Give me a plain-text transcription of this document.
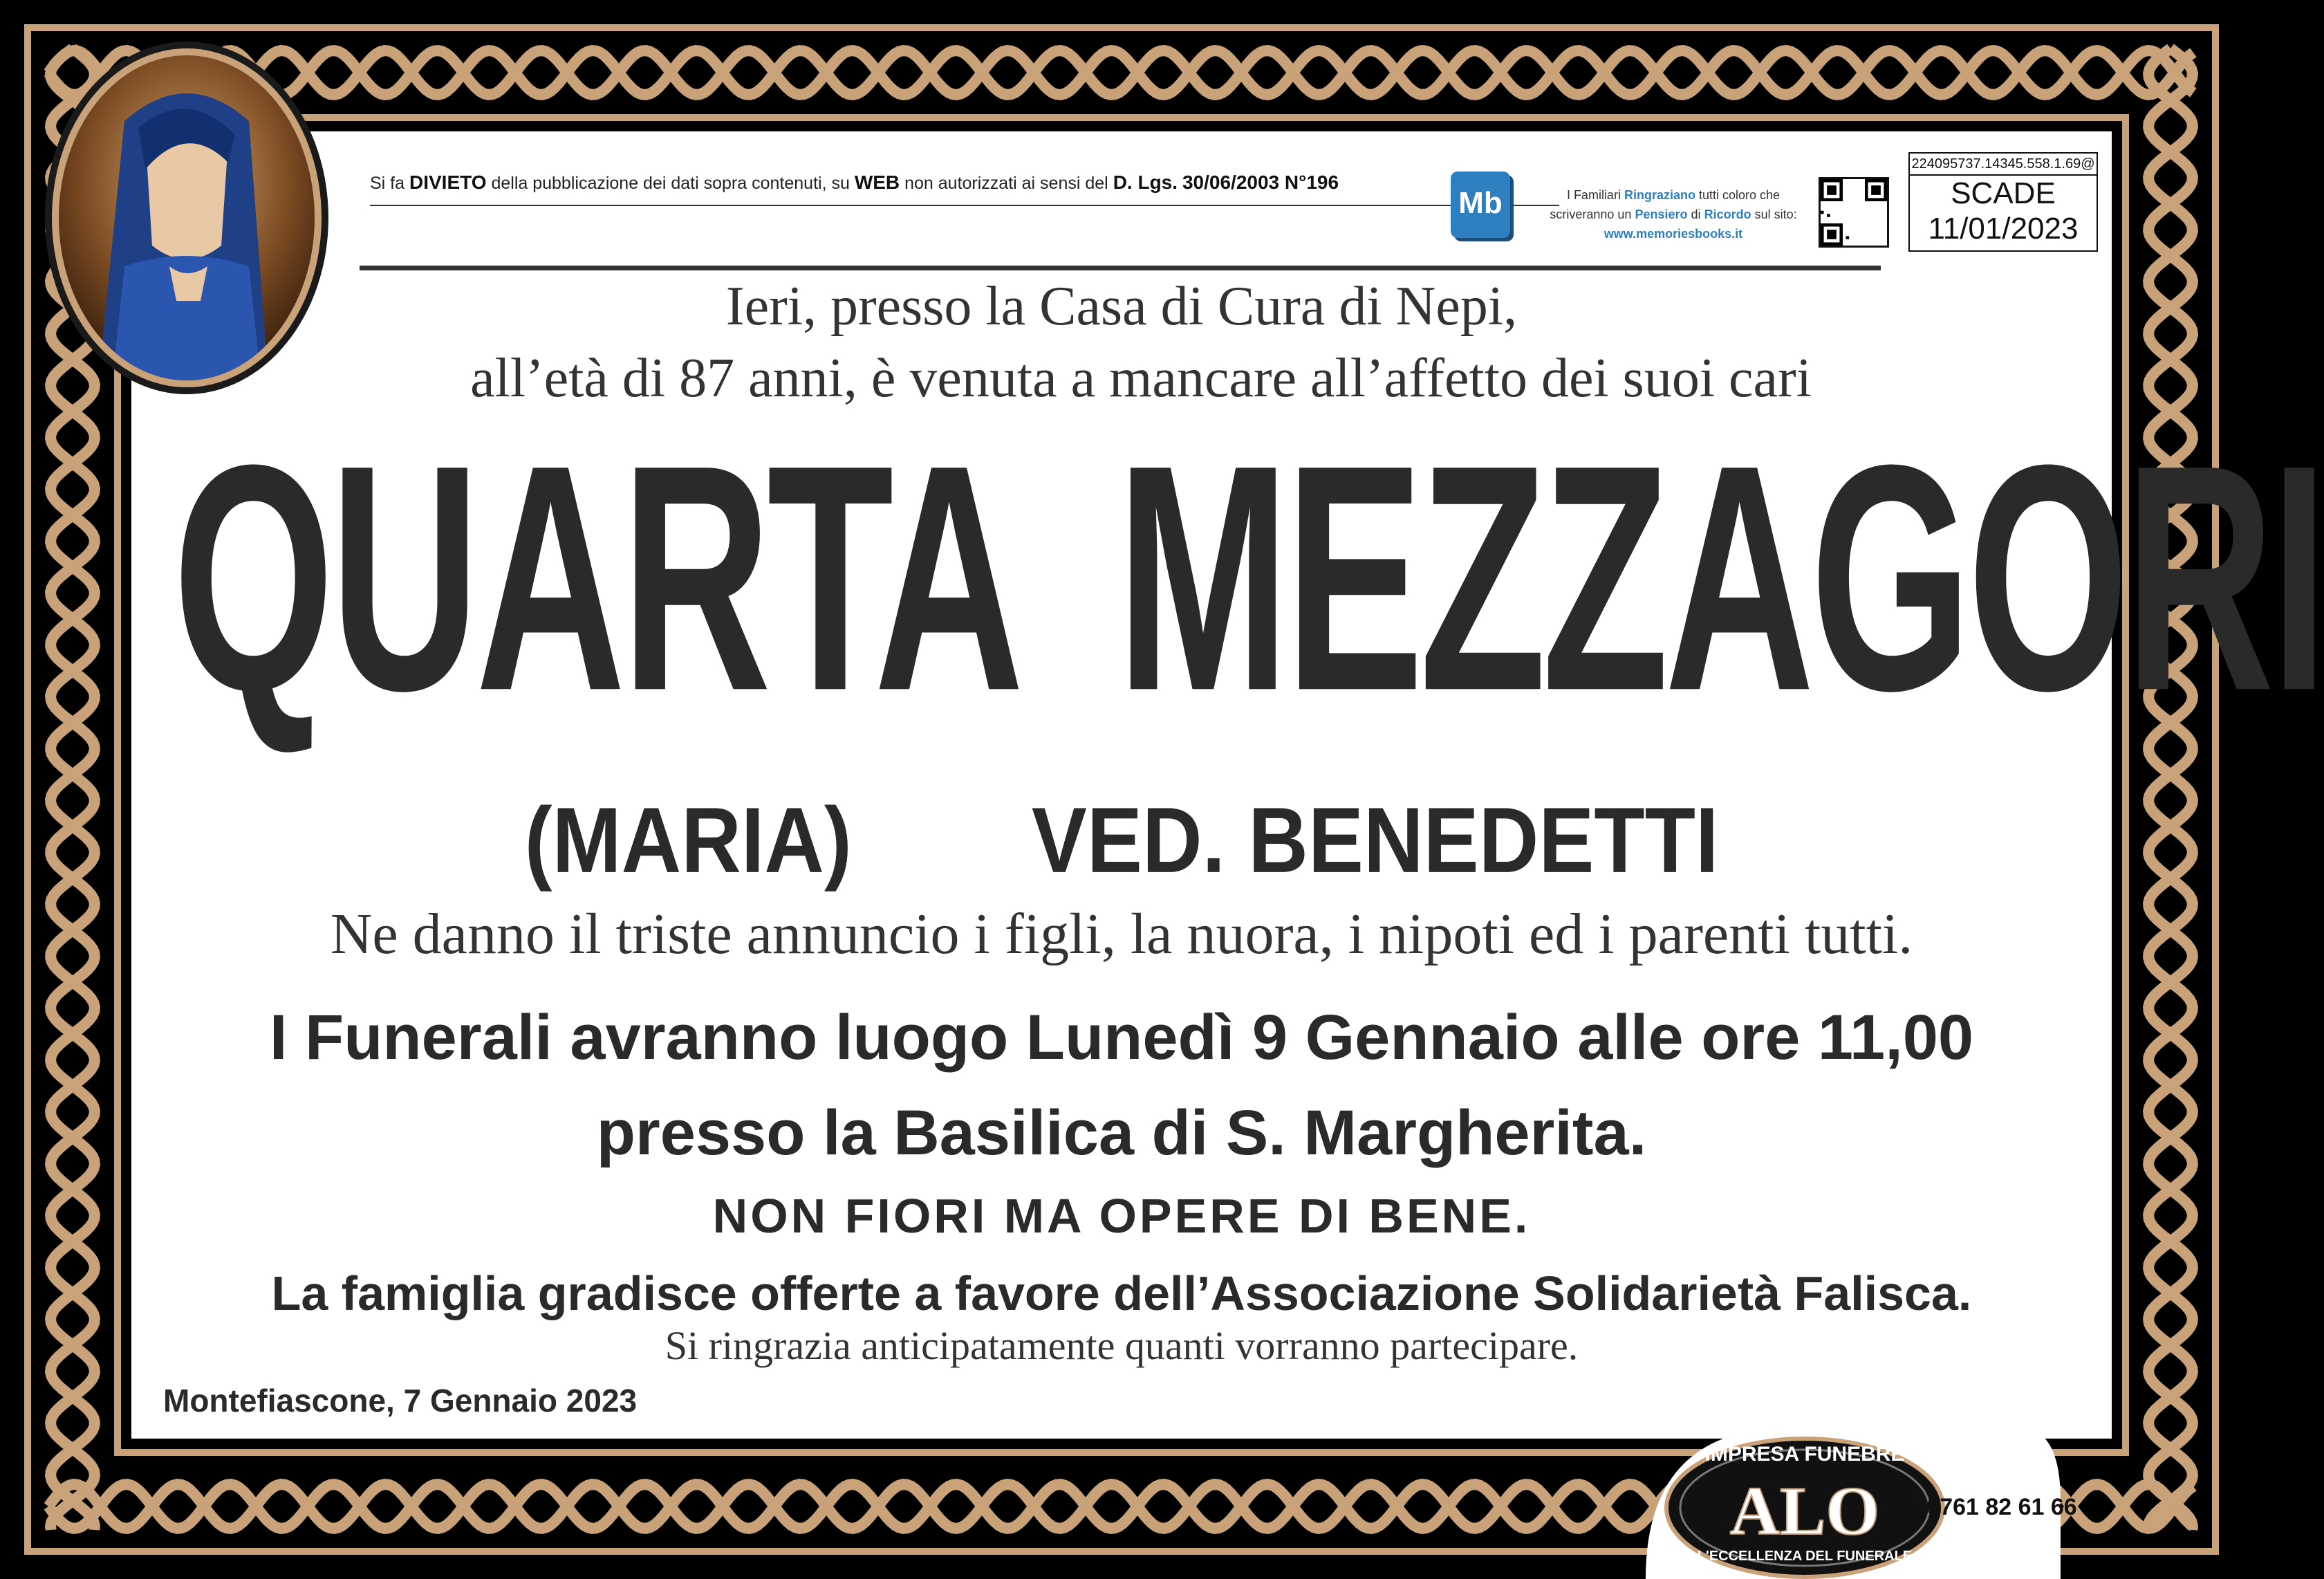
Si fa DIVIETO della pubblicazione dei dati sopra contenuti, su WEB non autorizzati ai sensi del D. Lgs. 30/06/2003 N°196
Mb	I Familiari Ringraziano tutti coloro che
scriveranno un Pensiero di Ricordo sul sito:
www.memoriesbooks.it
224095737.14345.558.1.69@
SCADE
11/01/2023
Ieri, presso la Casa di Cura di Nepi,
all’età di 87 anni, è venuta a mancare all’affetto dei suoi cari
QUARTA MEZZAGORI
(MARIA) VED. BENEDETTI
Ne danno il triste annuncio i figli, la nuora, i nipoti ed i parenti tutti.
I Funerali avranno luogo Lunedì 9 Gennaio alle ore 11,00
presso la Basilica di S. Margherita.
NON FIORI MA OPERE DI BENE.
La famiglia gradisce offerte a favore dell’Associazione Solidarietà Falisca.
Si ringrazia anticipatamente quanti vorranno partecipare.
Montefiascone, 7 Gennaio 2023
IMPRESA FUNEBRE
ALO
L'ECCELLENZA DEL FUNERALE
0761 82 61 66
